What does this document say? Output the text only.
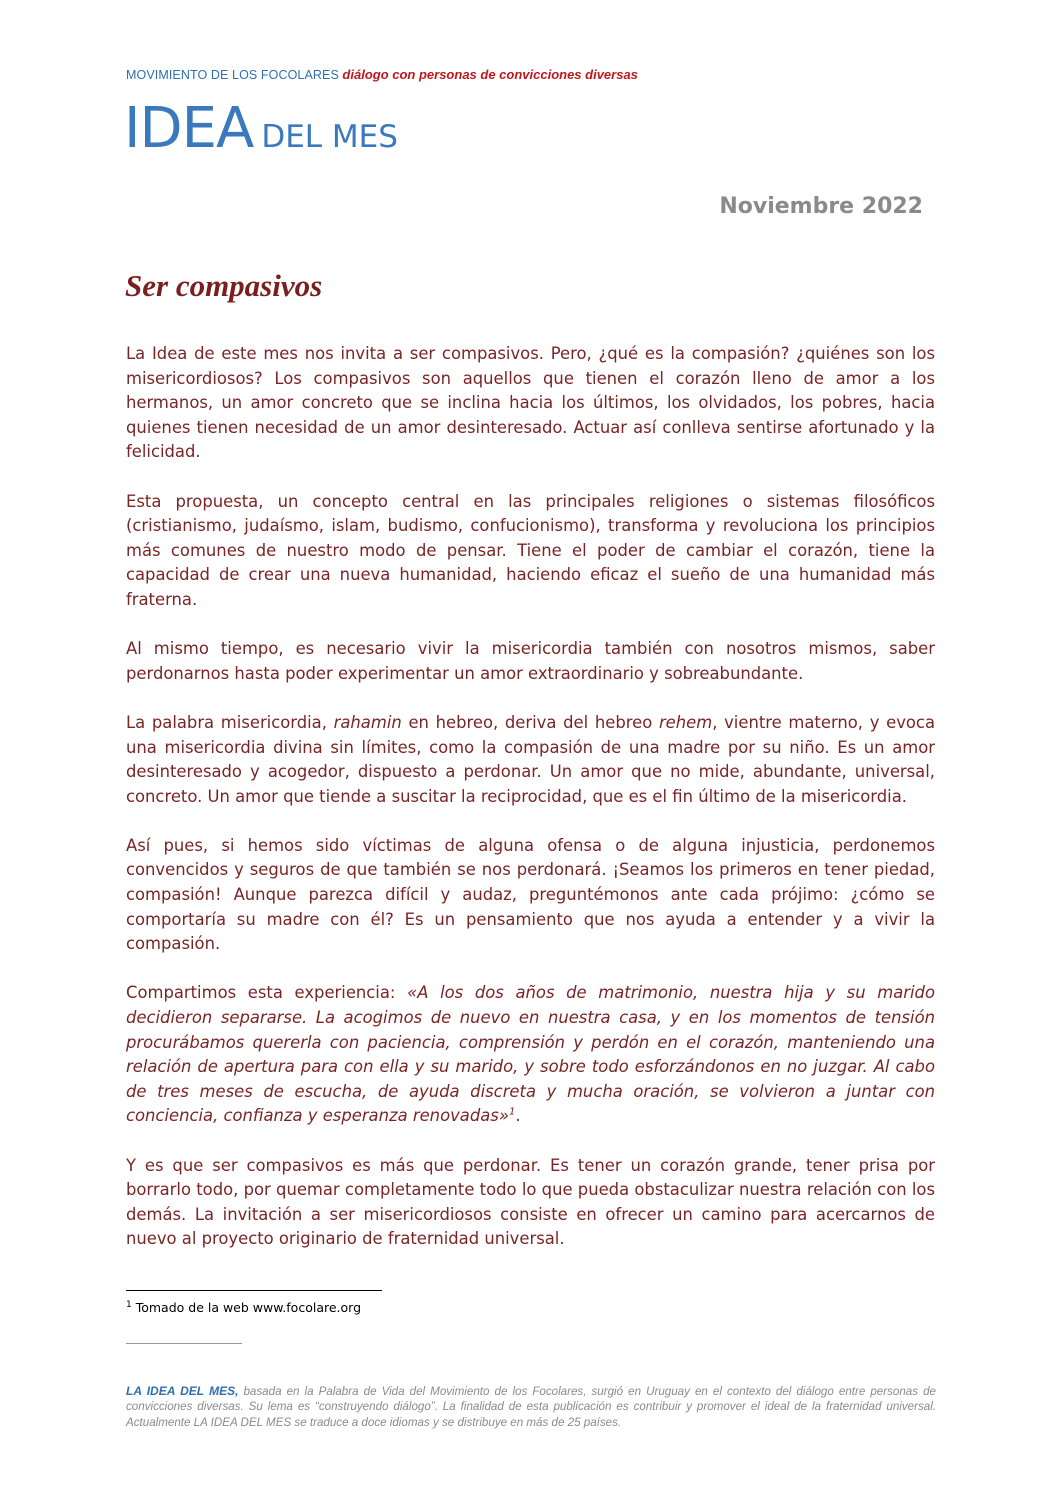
MOVIMIENTO DE LOS FOCOLARES diálogo con personas de convicciones diversas
IDEA DEL MES
Noviembre 2022
Ser compasivos

La Idea de este mes nos invita a ser compasivos. Pero, ¿qué es la compasión? ¿quiénes son los misericordiosos? Los compasivos son aquellos que tienen el corazón lleno de amor a los hermanos, un amor concreto que se inclina hacia los últimos, los olvidados, los pobres, hacia quienes tienen necesidad de un amor desinteresado. Actuar así conlleva sentirse afortunado y la felicidad.

Esta propuesta, un concepto central en las principales religiones o sistemas filosóficos (cristianismo, judaísmo, islam, budismo, confucionismo), transforma y revoluciona los principios más comunes de nuestro modo de pensar. Tiene el poder de cambiar el corazón, tiene la capacidad de crear una nueva humanidad, haciendo eficaz el sueño de una humanidad más fraterna.

Al mismo tiempo, es necesario vivir la misericordia también con nosotros mismos, saber perdonarnos hasta poder experimentar un amor extraordinario y sobreabundante.

La palabra misericordia, rahamin en hebreo, deriva del hebreo rehem, vientre materno, y evoca una misericordia divina sin límites, como la compasión de una madre por su niño. Es un amor desinteresado y acogedor, dispuesto a perdonar. Un amor que no mide, abundante, universal, concreto. Un amor que tiende a suscitar la reciprocidad, que es el fin último de la misericordia.

Así pues, si hemos sido víctimas de alguna ofensa o de alguna injusticia, perdonemos convencidos y seguros de que también se nos perdonará. ¡Seamos los primeros en tener piedad, compasión! Aunque parezca difícil y audaz, preguntémonos ante cada prójimo: ¿cómo se comportaría su madre con él? Es un pensamiento que nos ayuda a entender y a vivir la compasión.

Compartimos esta experiencia: «A los dos años de matrimonio, nuestra hija y su marido decidieron separarse. La acogimos de nuevo en nuestra casa, y en los momentos de tensión procurábamos quererla con paciencia, comprensión y perdón en el corazón, manteniendo una relación de apertura para con ella y su marido, y sobre todo esforzándonos en no juzgar. Al cabo de tres meses de escucha, de ayuda discreta y mucha oración, se volvieron a juntar con conciencia, confianza y esperanza renovadas»$^1$.

Y es que ser compasivos es más que perdonar. Es tener un corazón grande, tener prisa por borrarlo todo, por quemar completamente todo lo que pueda obstaculizar nuestra relación con los demás. La invitación a ser misericordiosos consiste en ofrecer un camino para acercarnos de nuevo al proyecto originario de fraternidad universal.

$^1$ Tomado de la web www.focolare.org
LA IDEA DEL MES, basada en la Palabra de Vida del Movimiento de los Focolares, surgió en Uruguay en el contexto del diálogo entre personas de convicciones diversas. Su lema es “construyendo diálogo”. La finalidad de esta publicación es contribuir y promover el ideal de la fraternidad universal. Actualmente LA IDEA DEL MES se traduce a doce idiomas y se distribuye en más de 25 países.
